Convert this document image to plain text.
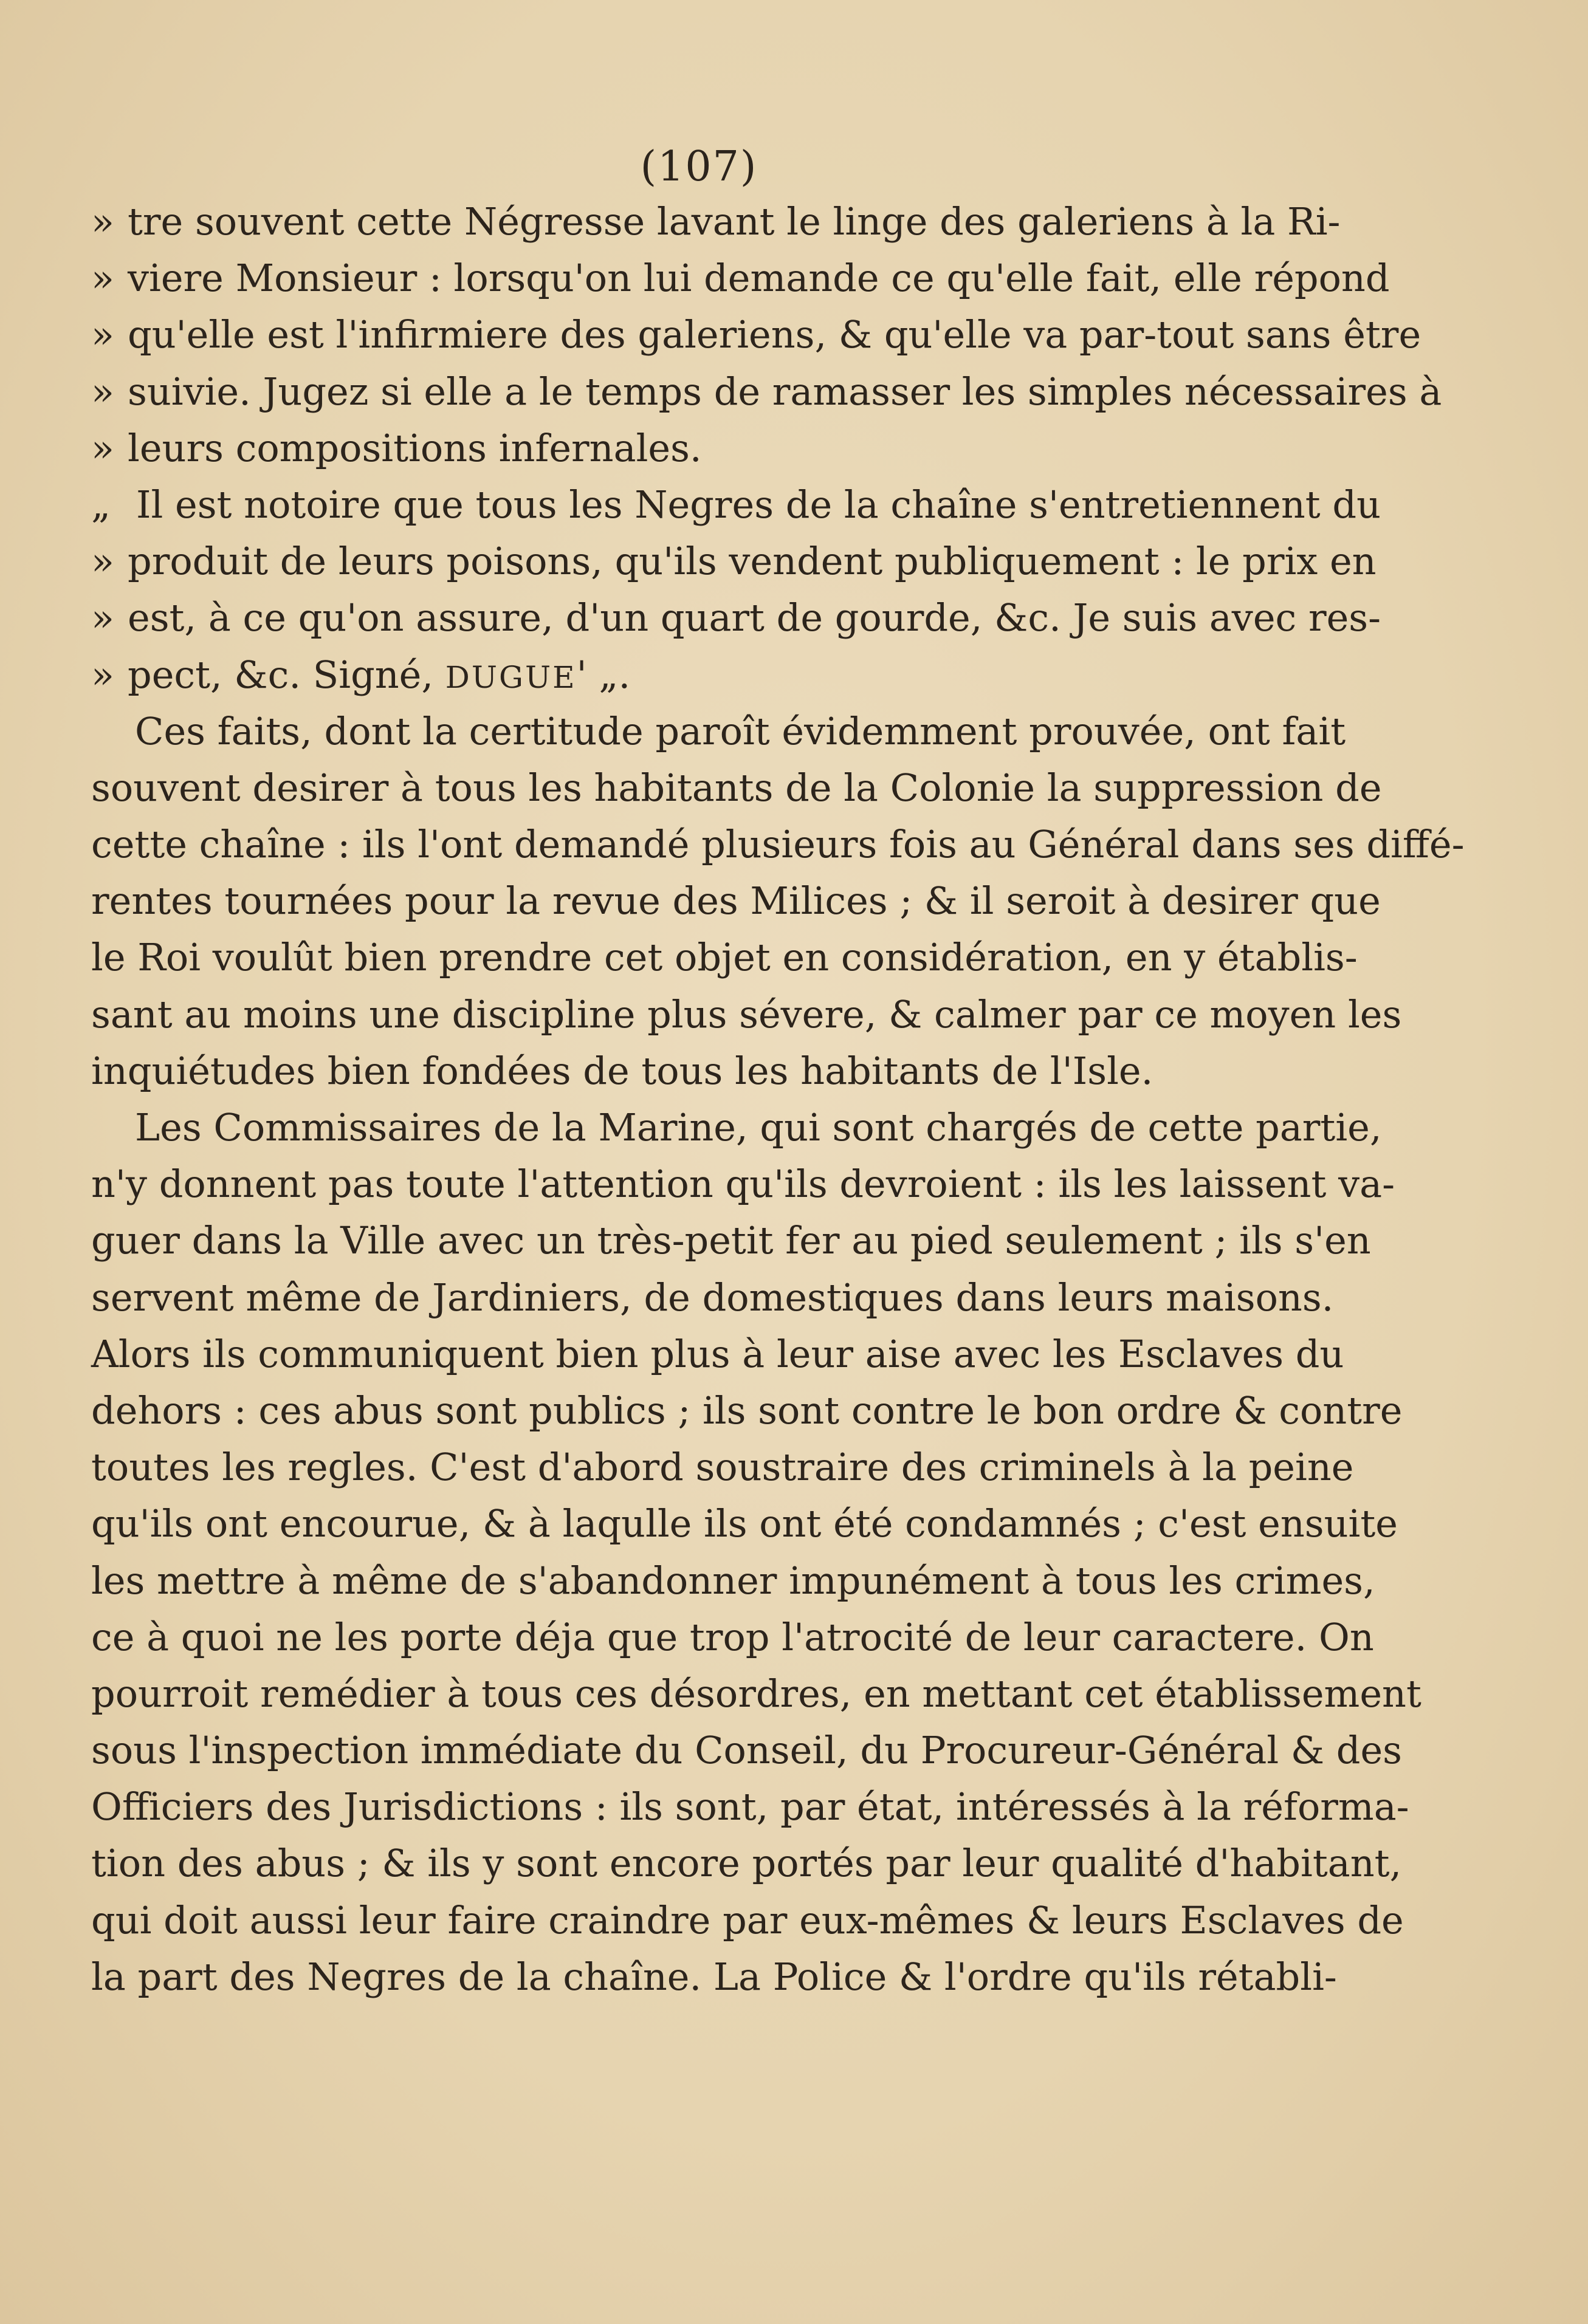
(107)
» tre souvent cette Négresse lavant le linge des galeriens à la Ri-
» viere Monsieur : lorsqu'on lui demande ce qu'elle fait, elle répond
» qu'elle est l'infirmiere des galeriens, & qu'elle va par-tout sans être
» suivie. Jugez si elle a le temps de ramasser les simples nécessaires à
» leurs compositions infernales.
„ Il est notoire que tous les Negres de la chaîne s'entretiennent du
» produit de leurs poisons, qu'ils vendent publiquement : le prix en
» est, à ce qu'on assure, d'un quart de gourde, &c. Je suis avec res-
» pect, &c. Signé, DUGUE' „.
Ces faits, dont la certitude paroît évidemment prouvée, ont fait
souvent desirer à tous les habitants de la Colonie la suppression de
cette chaîne : ils l'ont demandé plusieurs fois au Général dans ses diffé-
rentes tournées pour la revue des Milices ; & il seroit à desirer que
le Roi voulût bien prendre cet objet en considération, en y établis-
sant au moins une discipline plus sévere, & calmer par ce moyen les
inquiétudes bien fondées de tous les habitants de l'Isle.
Les Commissaires de la Marine, qui sont chargés de cette partie,
n'y donnent pas toute l'attention qu'ils devroient : ils les laissent va-
guer dans la Ville avec un très-petit fer au pied seulement ; ils s'en
servent même de Jardiniers, de domestiques dans leurs maisons.
Alors ils communiquent bien plus à leur aise avec les Esclaves du
dehors : ces abus sont publics ; ils sont contre le bon ordre & contre
toutes les regles. C'est d'abord soustraire des criminels à la peine
qu'ils ont encourue, & à laqulle ils ont été condamnés ; c'est ensuite
les mettre à même de s'abandonner impunément à tous les crimes,
ce à quoi ne les porte déja que trop l'atrocité de leur caractere. On
pourroit remédier à tous ces désordres, en mettant cet établissement
sous l'inspection immédiate du Conseil, du Procureur-Général & des
Officiers des Jurisdictions : ils sont, par état, intéressés à la réforma-
tion des abus ; & ils y sont encore portés par leur qualité d'habitant,
qui doit aussi leur faire craindre par eux-mêmes & leurs Esclaves de
la part des Negres de la chaîne. La Police & l'ordre qu'ils rétabli-
